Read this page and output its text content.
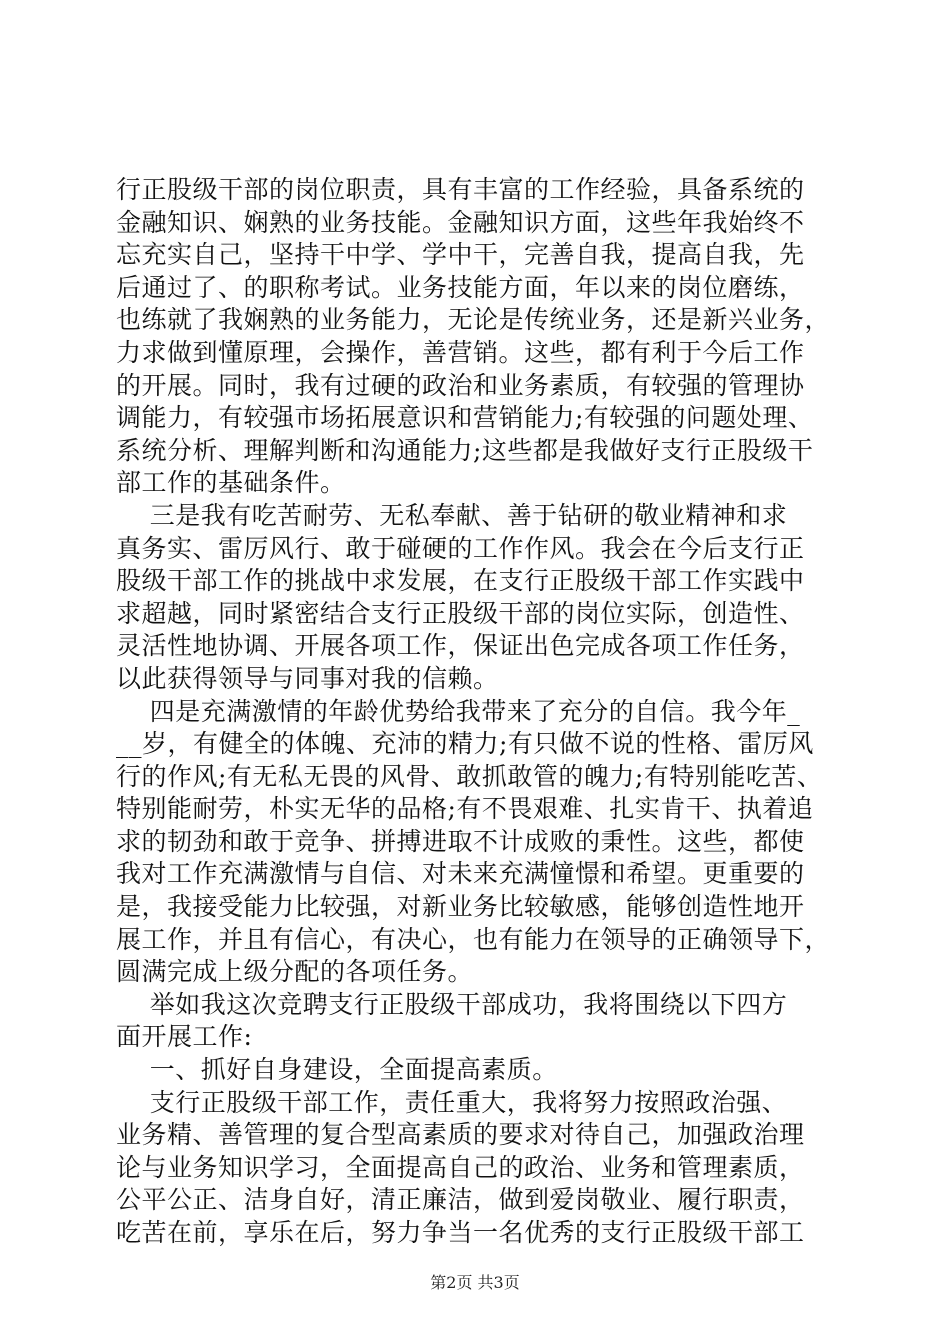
行正股级干部的岗位职责，具有丰富的工作经验，具备系统的
金融知识、娴熟的业务技能。金融知识方面，这些年我始终不
忘充实自己，坚持干中学、学中干，完善自我，提高自我，先
后通过了、的职称考试。业务技能方面，年以来的岗位磨练，
也练就了我娴熟的业务能力，无论是传统业务，还是新兴业务，
力求做到懂原理，会操作，善营销。这些，都有利于今后工作
的开展。同时，我有过硬的政治和业务素质，有较强的管理协
调能力，有较强市场拓展意识和营销能力;有较强的问题处理、
系统分析、理解判断和沟通能力;这些都是我做好支行正股级干
部工作的基础条件。
三是我有吃苦耐劳、无私奉献、善于钻研的敬业精神和求
真务实、雷厉风行、敢于碰硬的工作作风。我会在今后支行正
股级干部工作的挑战中求发展，在支行正股级干部工作实践中
求超越，同时紧密结合支行正股级干部的岗位实际，创造性、
灵活性地协调、开展各项工作，保证出色完成各项工作任务，
以此获得领导与同事对我的信赖。
四是充满激情的年龄优势给我带来了充分的自信。我今年_
__岁，有健全的体魄、充沛的精力;有只做不说的性格、雷厉风
行的作风;有无私无畏的风骨、敢抓敢管的魄力;有特别能吃苦、
特别能耐劳，朴实无华的品格;有不畏艰难、扎实肯干、执着追
求的韧劲和敢于竞争、拼搏进取不计成败的秉性。这些，都使
我对工作充满激情与自信、对未来充满憧憬和希望。更重要的
是，我接受能力比较强，对新业务比较敏感，能够创造性地开
展工作，并且有信心，有决心，也有能力在领导的正确领导下，
圆满完成上级分配的各项任务。
举如我这次竞聘支行正股级干部成功，我将围绕以下四方
面开展工作:
一、抓好自身建设，全面提高素质。
支行正股级干部工作，责任重大，我将努力按照政治强、
业务精、善管理的复合型高素质的要求对待自己，加强政治理
论与业务知识学习，全面提高自己的政治、业务和管理素质，
公平公正、洁身自好，清正廉洁，做到爱岗敬业、履行职责，
吃苦在前，享乐在后，努力争当一名优秀的支行正股级干部工
第2页 共3页
